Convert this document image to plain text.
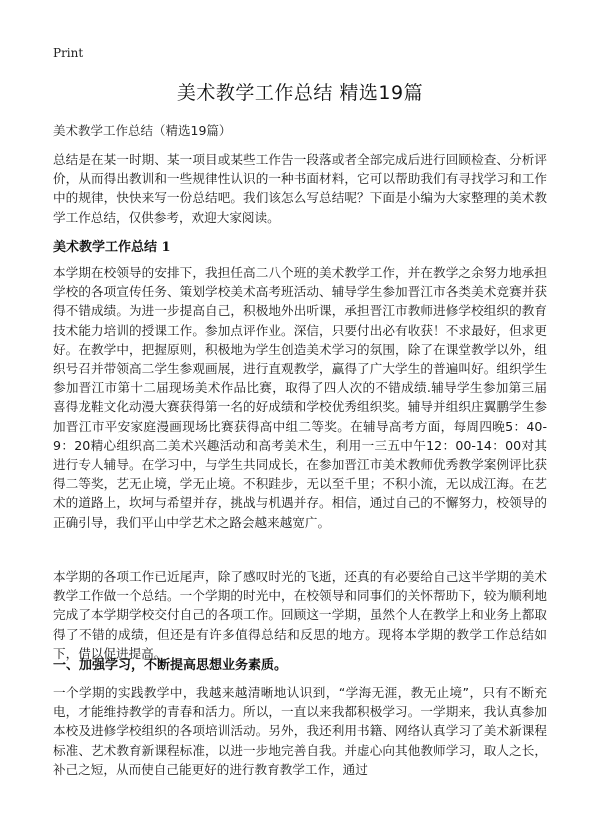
Print
美术教学工作总结 精选19篇
美术教学工作总结（精选19篇）
总结是在某一时期、某一项目或某些工作告一段落或者全部完成后进行回顾检查、分析评价，从而得出教训和一些规律性认识的一种书面材料，它可以帮助我们有寻找学习和工作中的规律，快快来写一份总结吧。我们该怎么写总结呢？下面是小编为大家整理的美术教学工作总结，仅供参考，欢迎大家阅读。
美术教学工作总结 1
本学期在校领导的安排下，我担任高二八个班的美术教学工作，并在教学之余努力地承担学校的各项宣传任务、策划学校美术高考班活动、辅导学生参加晋江市各类美术竞赛并获得不错成绩。为进一步提高自己，积极地外出听课，承担晋江市教师进修学校组织的教育技术能力培训的授课工作。参加点评作业。深信，只要付出必有收获！不求最好，但求更好。在教学中，把握原则，积极地为学生创造美术学习的氛围，除了在课堂教学以外，组织号召并带领高二学生参观画展，进行直观教学，赢得了广大学生的普遍叫好。组织学生参加晋江市第十二届现场美术作品比赛，取得了四人次的不错成绩.辅导学生参加第三届喜得龙鞋文化动漫大赛获得第一名的好成绩和学校优秀组织奖。辅导并组织庄翼鹏学生参加晋江市平安家庭漫画现场比赛获得高中组二等奖。在辅导高考方面，每周四晚5：40-9：20精心组织高二美术兴趣活动和高考美术生，利用一三五中午12：00-14：00对其进行专人辅导。在学习中，与学生共同成长，在参加晋江市美术教师优秀教学案例评比获得二等奖，艺无止境，学无止境。不积跬步，无以至千里；不积小流，无以成江海。在艺术的道路上，坎坷与希望并存，挑战与机遇并存。相信，通过自己的不懈努力，校领导的正确引导，我们平山中学艺术之路会越来越宽广。
本学期的各项工作已近尾声，除了感叹时光的飞逝，还真的有必要给自己这半学期的美术教学工作做一个总结。一个学期的时光中，在校领导和同事们的关怀帮助下，较为顺利地完成了本学期学校交付自己的各项工作。回顾这一学期，虽然个人在教学上和业务上都取得了不错的成绩，但还是有许多值得总结和反思的地方。现将本学期的教学工作总结如下，借以促进提高。
一、加强学习，不断提高思想业务素质。
一个学期的实践教学中，我越来越清晰地认识到，“学海无涯，教无止境”，只有不断充电，才能维持教学的青春和活力。所以，一直以来我都积极学习。一学期来，我认真参加本校及进修学校组织的各项培训活动。另外，我还利用书籍、网络认真学习了美术新课程标准、艺术教育新课程标准，以进一步地完善自我。并虚心向其他教师学习，取人之长，补己之短，从而使自己能更好的进行教育教学工作，通过
